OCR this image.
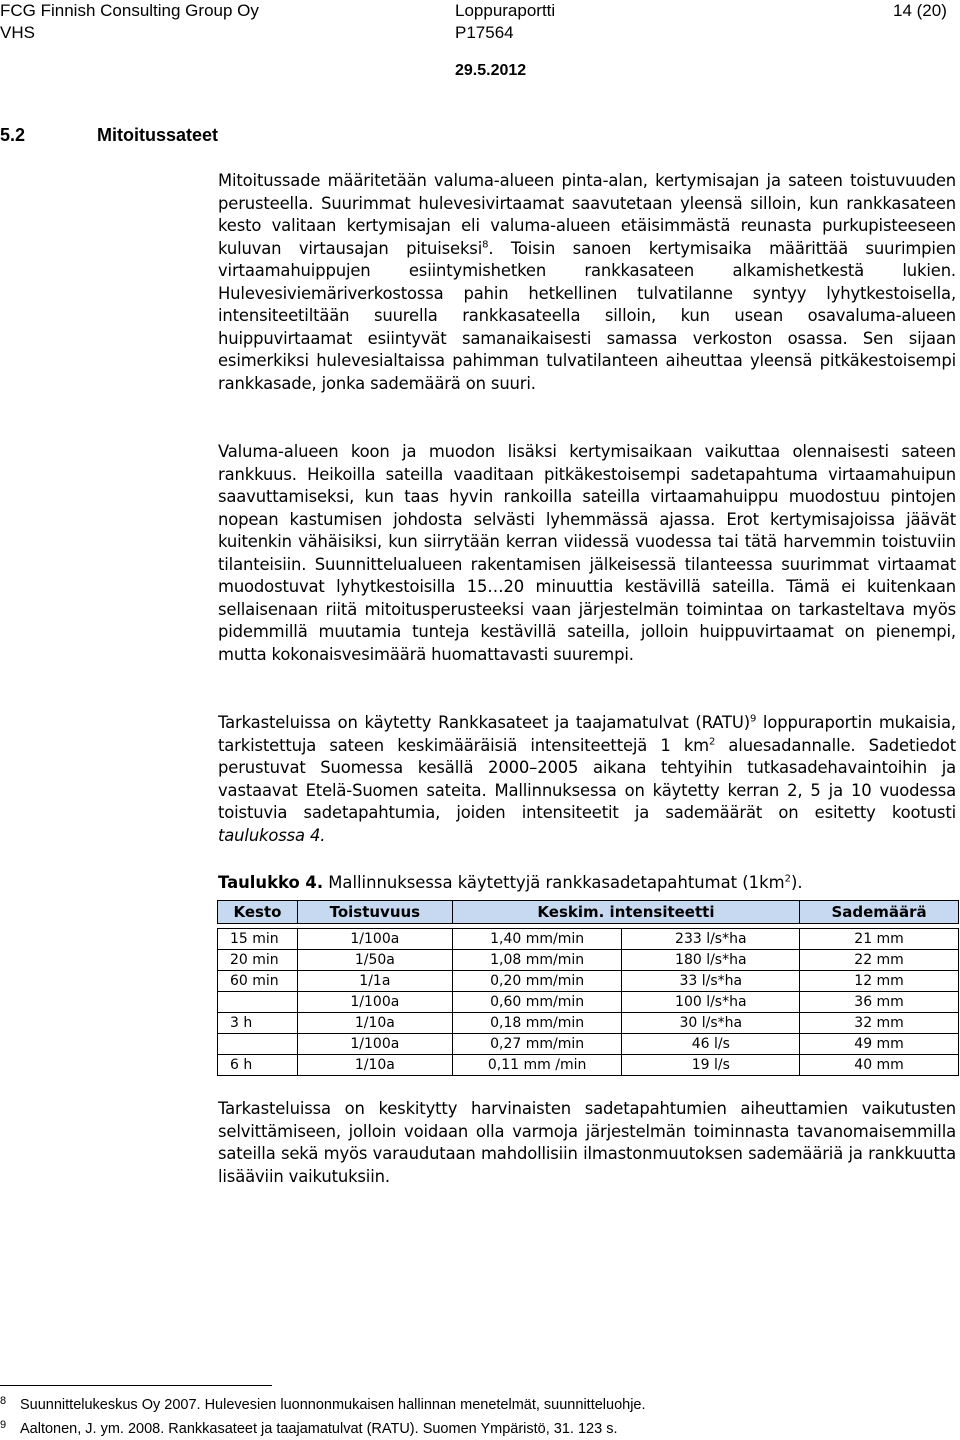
FCG Finnish Consulting Group Oy
VHS
Loppuraportti
P17564
14 (20)
29.5.2012
5.2	Mitoitussateet

Mitoitussade määritetään valuma-alueen pinta-alan, kertymisajan ja sateen toistuvuuden perusteella. Suurimmat hulevesivirtaamat saavutetaan yleensä silloin, kun rankkasateen kesto valitaan kertymisajan eli valuma-alueen etäisimmästä reunasta purkupisteeseen kuluvan virtausajan pituiseksi$^8$. Toisin sanoen kertymisaika määrittää suurimpien virtaamahuippujen esiintymishetken rankkasateen alkamishetkestä lukien. Hulevesiviemäriverkostossa pahin hetkellinen tulvatilanne syntyy lyhytkestoisella, intensiteetiltään suurella rankkasateella silloin, kun usean osavaluma-alueen huippuvirtaamat esiintyvät samanaikaisesti samassa verkoston osassa. Sen sijaan esimerkiksi hulevesialtaissa pahimman tulvatilanteen aiheuttaa yleensä pitkäkestoisempi rankkasade, jonka sademäärä on suuri.

Valuma-alueen koon ja muodon lisäksi kertymisaikaan vaikuttaa olennaisesti sateen rankkuus. Heikoilla sateilla vaaditaan pitkäkestoisempi sadetapahtuma virtaamahuipun saavuttamiseksi, kun taas hyvin rankoilla sateilla virtaamahuippu muodostuu pintojen nopean kastumisen johdosta selvästi lyhemmässä ajassa. Erot kertymisajoissa jäävät kuitenkin vähäisiksi, kun siirrytään kerran viidessä vuodessa tai tätä harvemmin toistuviin tilanteisiin. Suunnittelualueen rakentamisen jälkeisessä tilanteessa suurimmat virtaamat muodostuvat lyhytkestoisilla 15…20 minuuttia kestävillä sateilla. Tämä ei kuitenkaan sellaisenaan riitä mitoitusperusteeksi vaan järjestelmän toimintaa on tarkasteltava myös pidemmillä muutamia tunteja kestävillä sateilla, jolloin huippuvirtaamat on pienempi, mutta kokonaisvesimäärä huomattavasti suurempi.

Tarkasteluissa on käytetty Rankkasateet ja taajamatulvat (RATU)$^9$ loppuraportin mukaisia, tarkistettuja sateen keskimääräisiä intensiteettejä 1 $km^2$ aluesadannalle. Sadetiedot perustuvat Suomessa kesällä 2000–2005 aikana tehtyihin tutkasadehavaintoihin ja vastaavat Etelä-Suomen sateita. Mallinnuksessa on käytetty kerran 2, 5 ja 10 vuodessa toistuvia sadetapahtumia, joiden intensiteetit ja sademäärät on esitetty kootusti taulukossa 4.

Taulukko 4. Mallinnuksessa käytettyjä rankkasadetapahtumat $(1km^2)$.
Kesto	Toistuvuus	Keskim. intensiteetti		Sademäärä

15 min	1/100a	1,40 mm/min	233 l/s*ha	21 mm
20 min	1/50a	1,08 mm/min	180 l/s*ha	22 mm
60 min	1/1a	0,20 mm/min	33 l/s*ha	12 mm
	1/100a	0,60 mm/min	100 l/s*ha	36 mm
3 h	1/10a	0,18 mm/min	30 l/s*ha	32 mm
	1/100a	0,27 mm/min	46 l/s	49 mm
6 h	1/10a	0,11 mm /min	19 l/s	40 mm

Tarkasteluissa on keskitytty harvinaisten sadetapahtumien aiheuttamien vaikutusten selvittämiseen, jolloin voidaan olla varmoja järjestelmän toiminnasta tavanomaisemmilla sateilla sekä myös varaudutaan mahdollisiin ilmastonmuutoksen sademääriä ja rankkuutta lisääviin vaikutuksiin.

8 Suunnittelukeskus Oy 2007. Hulevesien luonnonmukaisen hallinnan menetelmät, suunnitteluohje.
9 Aaltonen, J. ym. 2008. Rankkasateet ja taajamatulvat (RATU). Suomen Ympäristö, 31. 123 s.
